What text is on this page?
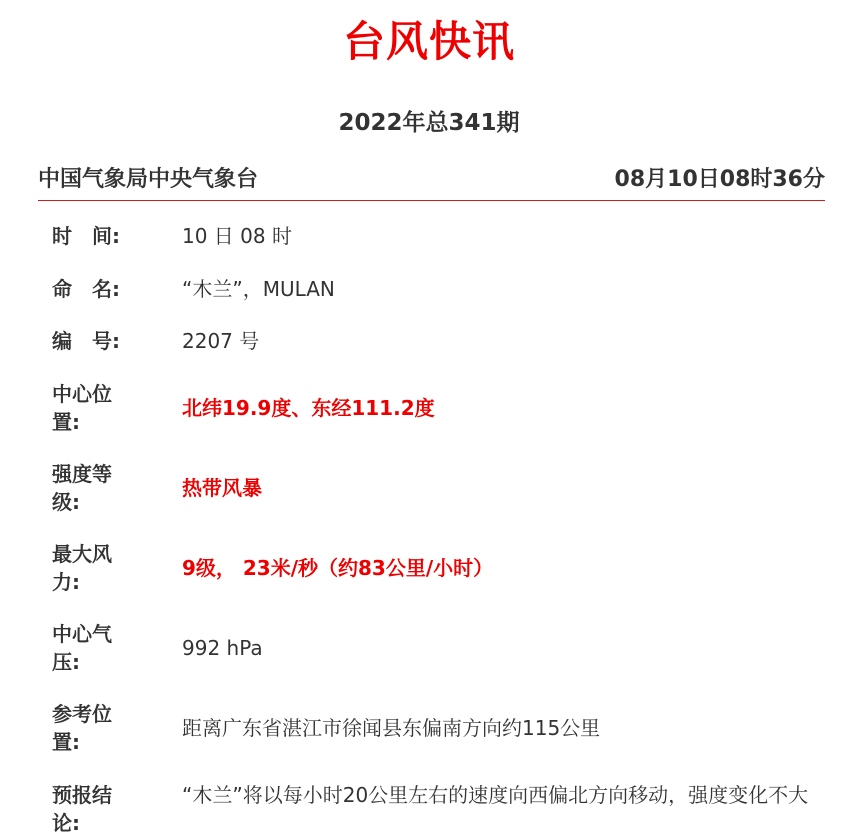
台风快讯
2022年总341期
中国气象局中央气象台	08月10日08时36分
时　间:	10 日 08 时
命　名:	“木兰”，MULAN
编　号:	2207 号
中心位置:
北纬19.9度、东经111.2度
强度等级:
热带风暴
最大风力:
9级， 23米/秒（约83公里/小时）
中心气压:
992 hPa
参考位置:
距离广东省湛江市徐闻县东偏南方向约115公里
预报结论:
“木兰”将以每小时20公里左右的速度向西偏北方向移动，强度变化不大
